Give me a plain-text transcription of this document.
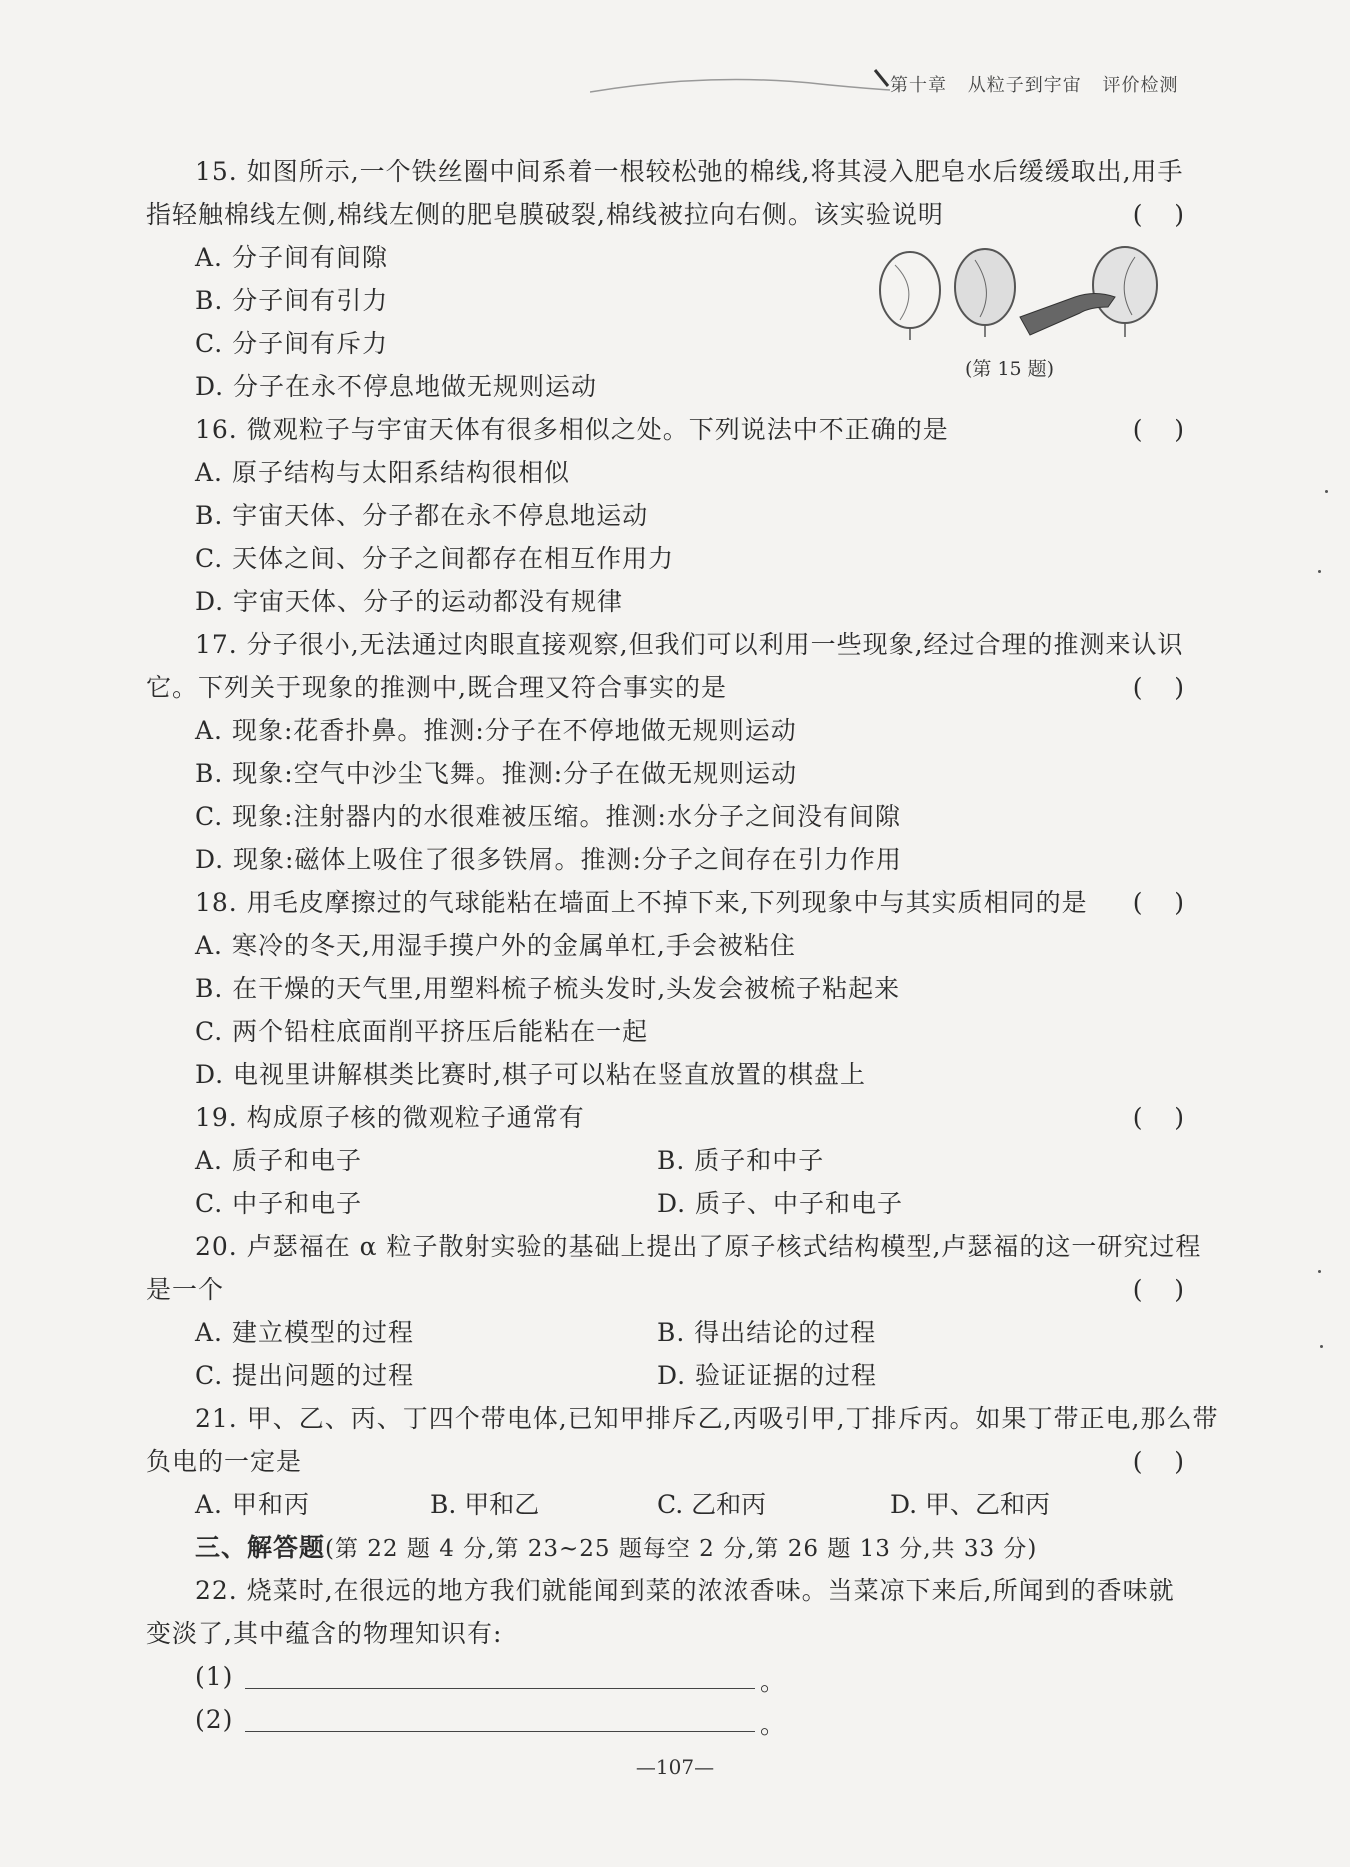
第十章 从粒子到宇宙 评价检测
15. 如图所示,一个铁丝圈中间系着一根较松弛的棉线,将其浸入肥皂水后缓缓取出,用手
指轻触棉线左侧,棉线左侧的肥皂膜破裂,棉线被拉向右侧。该实验说明	(    )
A. 分子间有间隙
B. 分子间有引力
C. 分子间有斥力
D. 分子在永不停息地做无规则运动
(第 15 题)
16. 微观粒子与宇宙天体有很多相似之处。下列说法中不正确的是	(    )
A. 原子结构与太阳系结构很相似
B. 宇宙天体、分子都在永不停息地运动
C. 天体之间、分子之间都存在相互作用力
D. 宇宙天体、分子的运动都没有规律
17. 分子很小,无法通过肉眼直接观察,但我们可以利用一些现象,经过合理的推测来认识
它。下列关于现象的推测中,既合理又符合事实的是	(    )
A. 现象:花香扑鼻。推测:分子在不停地做无规则运动
B. 现象:空气中沙尘飞舞。推测:分子在做无规则运动
C. 现象:注射器内的水很难被压缩。推测:水分子之间没有间隙
D. 现象:磁体上吸住了很多铁屑。推测:分子之间存在引力作用
18. 用毛皮摩擦过的气球能粘在墙面上不掉下来,下列现象中与其实质相同的是 (    )
A. 寒冷的冬天,用湿手摸户外的金属单杠,手会被粘住
B. 在干燥的天气里,用塑料梳子梳头发时,头发会被梳子粘起来
C. 两个铅柱底面削平挤压后能粘在一起
D. 电视里讲解棋类比赛时,棋子可以粘在竖直放置的棋盘上
19. 构成原子核的微观粒子通常有	(    )
A. 质子和电子	B. 质子和中子
C. 中子和电子	D. 质子、中子和电子
20. 卢瑟福在 α 粒子散射实验的基础上提出了原子核式结构模型,卢瑟福的这一研究过程
是一个	(    )
A. 建立模型的过程	B. 得出结论的过程
C. 提出问题的过程	D. 验证证据的过程
21. 甲、乙、丙、丁四个带电体,已知甲排斥乙,丙吸引甲,丁排斥丙。如果丁带正电,那么带
负电的一定是	(    )
A. 甲和丙	B. 甲和乙	C. 乙和丙	D. 甲、乙和丙
三、解答题(第 22 题 4 分,第 23~25 题每空 2 分,第 26 题 13 分,共 33 分)
22. 烧菜时,在很远的地方我们就能闻到菜的浓浓香味。当菜凉下来后,所闻到的香味就
变淡了,其中蕴含的物理知识有:
(1)	。
(2)	。
—107—
